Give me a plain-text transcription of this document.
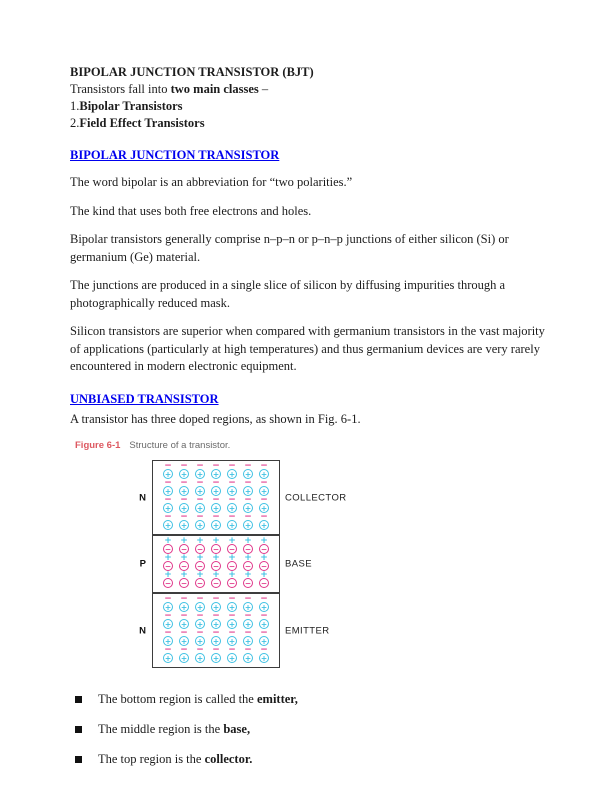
BIPOLAR JUNCTION TRANSISTOR (BJT)
Transistors fall into two main classes –
1.Bipolar Transistors
2.Field Effect Transistors
BIPOLAR JUNCTION TRANSISTOR

The word bipolar is an abbreviation for “two polarities.”

The kind that uses both free electrons and holes.

Bipolar transistors generally comprise n–p–n or p–n–p junctions of either silicon (Si) or germanium (Ge) material.

The junctions are produced in a single slice of silicon by diffusing impurities through a photographically reduced mask.

Silicon transistors are superior when compared with germanium transistors in the vast majority of applications (particularly at high temperatures) and thus germanium devices are very rarely encountered in modern electronic equipment.

UNBIASED TRANSISTOR

A transistor has three doped regions, as shown in Fig. 6-1.

Figure 6-1 Structure of a transistor.
N	COLLECTOR
−
+
−
+
−
+
−
+
−
+
−
+
−
+
−
+
−
+
−
+
−
+
−
+
−
+
−
+
−
+
−
+
−
+
−
+
−
+
−
+
−
+
−
+
−
+
−
+
−
+
−
+
−
+
−
+
P	BASE
+
−
+
−
+
−
+
−
+
−
+
−
+
−
+
−
+
−
+
−
+
−
+
−
+
−
+
−
+
−
+
−
+
−
+
−
+
−
+
−
+
−
N	EMITTER
−
+
−
+
−
+
−
+
−
+
−
+
−
+
−
+
−
+
−
+
−
+
−
+
−
+
−
+
−
+
−
+
−
+
−
+
−
+
−
+
−
+
−
+
−
+
−
+
−
+
−
+
−
+
−
+
The bottom region is called the emitter,
The middle region is the base,
The top region is the collector.
